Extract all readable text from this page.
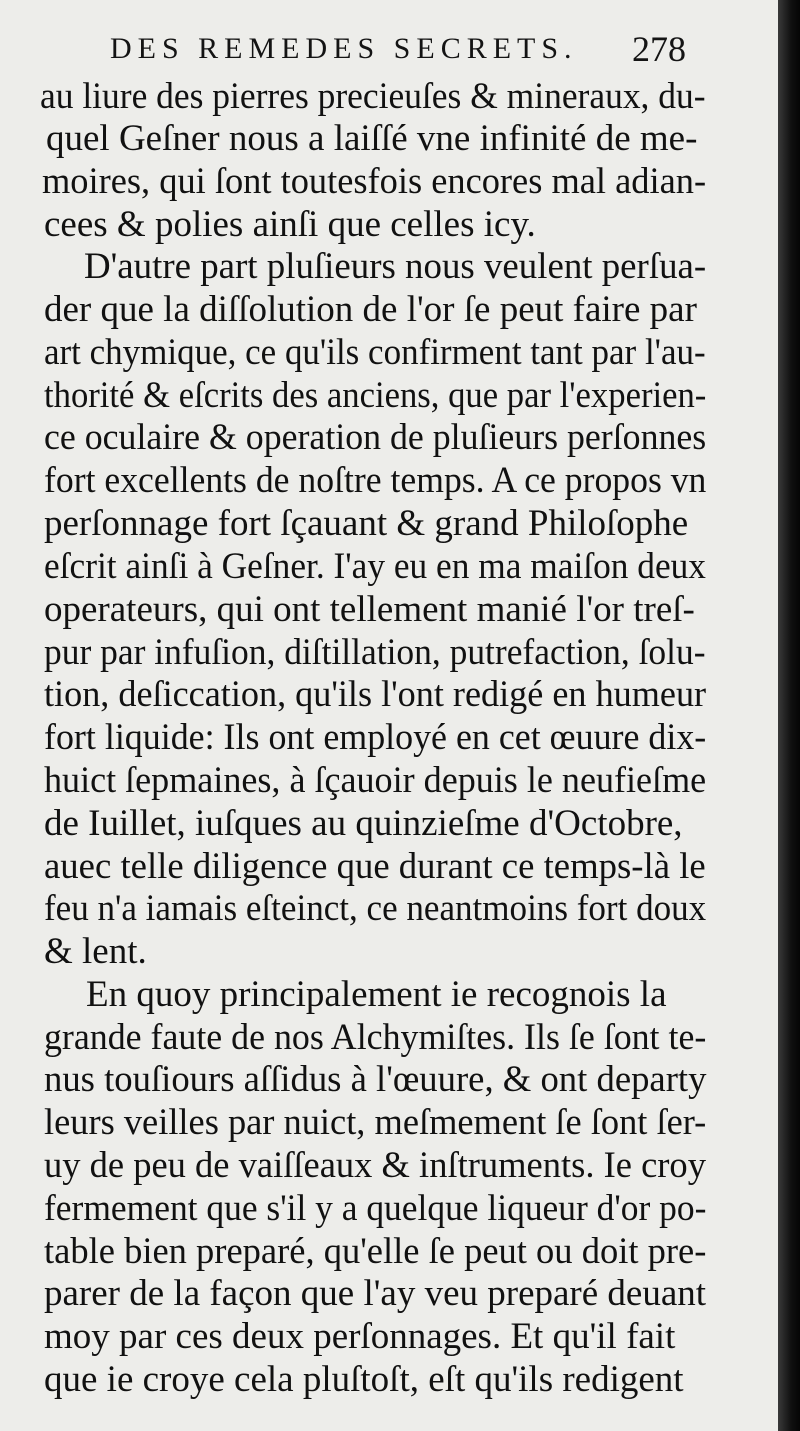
DES REMEDES SECRETS. 278
au liure des pierres precieuſes & mineraux, du-
quel Geſner nous a laiſſé vne infinité de me-
moires, qui ſont toutesfois encores mal adian-
cees & polies ainſi que celles icy.
D'autre part pluſieurs nous veulent perſua-
der que la diſſolution de l'or ſe peut faire par
art chymique, ce qu'ils confirment tant par l'au-
thorité & eſcrits des anciens, que par l'experien-
ce oculaire & operation de pluſieurs perſonnes
fort excellents de noſtre temps. A ce propos vn
perſonnage fort ſçauant & grand Philoſophe
eſcrit ainſi à Geſner. I'ay eu en ma maiſon deux
operateurs, qui ont tellement manié l'or treſ-
pur par infuſion, diſtillation, putrefaction, ſolu-
tion, deſiccation, qu'ils l'ont redigé en humeur
fort liquide: Ils ont employé en cet œuure dix-
huict ſepmaines, à ſçauoir depuis le neufieſme
de Iuillet, iuſques au quinzieſme d'Octobre,
auec telle diligence que durant ce temps-là le
feu n'a iamais eſteinct, ce neantmoins fort doux
& lent.
En quoy principalement ie recognois la
grande faute de nos Alchymiſtes. Ils ſe ſont te-
nus touſiours aſſidus à l'œuure, & ont departy
leurs veilles par nuict, meſmement ſe ſont ſer-
uy de peu de vaiſſeaux & inſtruments. Ie croy
fermement que s'il y a quelque liqueur d'or po-
table bien preparé, qu'elle ſe peut ou doit pre-
parer de la façon que l'ay veu preparé deuant
moy par ces deux perſonnages. Et qu'il fait
que ie croye cela pluſtoſt, eſt qu'ils redigent
